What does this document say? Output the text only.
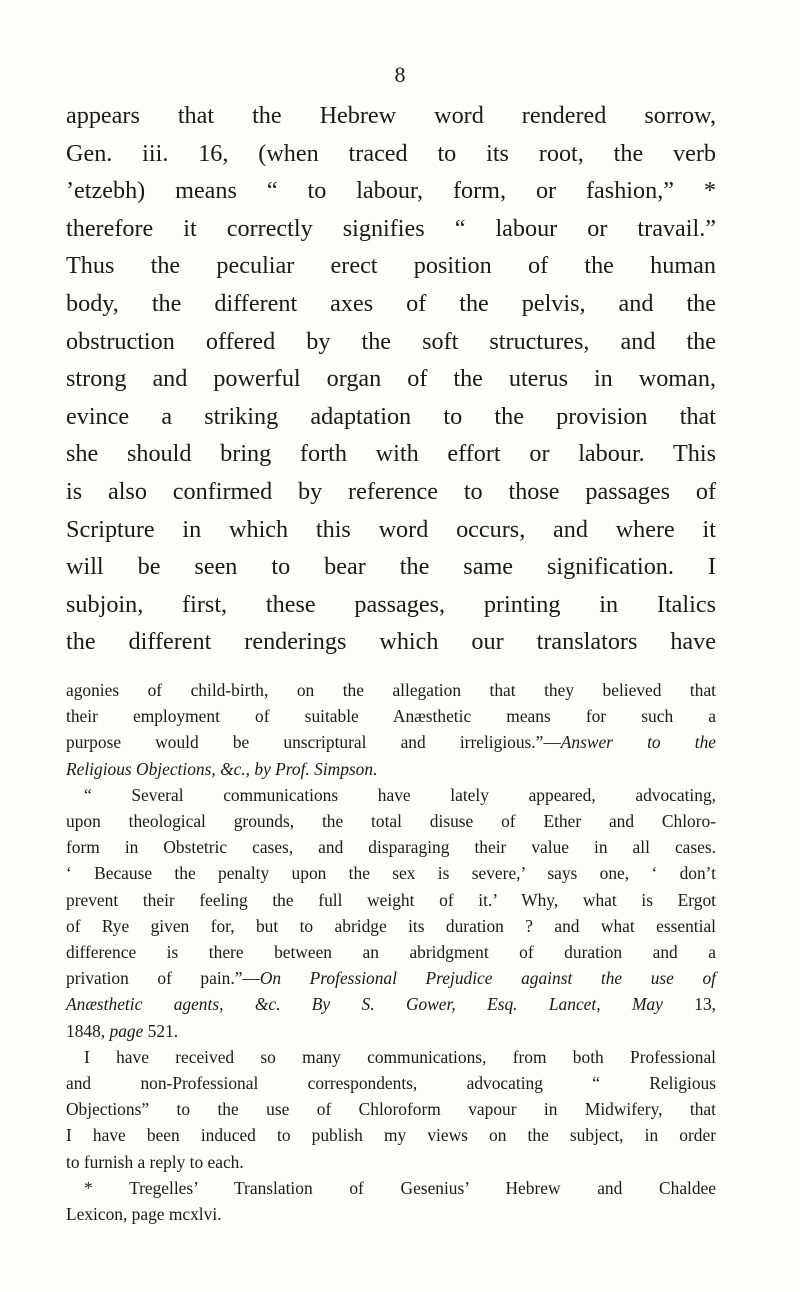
8
appears that the Hebrew word rendered sorrow,
Gen. iii. 16, (when traced to its root, the verb
’etzebh) means “ to labour, form, or fashion,” *
therefore it correctly signifies “ labour or travail.”
Thus the peculiar erect position of the human
body, the different axes of the pelvis, and the
obstruction offered by the soft structures, and the
strong and powerful organ of the uterus in woman,
evince a striking adaptation to the provision that
she should bring forth with effort or labour. This
is also confirmed by reference to those passages of
Scripture in which this word occurs, and where it
will be seen to bear the same signification. I
subjoin, first, these passages, printing in Italics
the different renderings which our translators have
agonies of child-birth, on the allegation that they believed that
their employment of suitable Anæsthetic means for such a
purpose would be unscriptural and irreligious.”—Answer to the
Religious Objections, &c., by Prof. Simpson.
“ Several communications have lately appeared, advocating,
upon theological grounds, the total disuse of Ether and Chloro-
form in Obstetric cases, and disparaging their value in all cases.
‘ Because the penalty upon the sex is severe,’ says one, ‘ don’t
prevent their feeling the full weight of it.’ Why, what is Ergot
of Rye given for, but to abridge its duration ? and what essential
difference is there between an abridgment of duration and a
privation of pain.”—On Professional Prejudice against the use of
Anæsthetic agents, &c. By S. Gower, Esq. Lancet, May 13,
1848, page 521.
I have received so many communications, from both Professional
and non-Professional correspondents, advocating “ Religious
Objections” to the use of Chloroform vapour in Midwifery, that
I have been induced to publish my views on the subject, in order
to furnish a reply to each.
* Tregelles’ Translation of Gesenius’ Hebrew and Chaldee
Lexicon, page mcxlvi.
